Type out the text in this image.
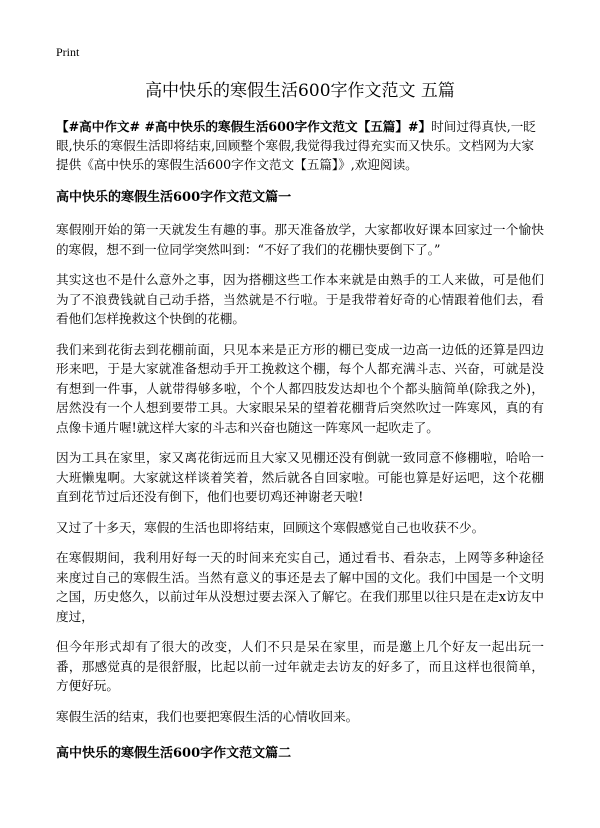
Print
高中快乐的寒假生活600字作文范文 五篇

【#高中作文# #高中快乐的寒假生活600字作文范文【五篇】#】时间过得真快,一眨眼,快乐的寒假生活即将结束,回顾整个寒假,我觉得我过得充实而又快乐。文档网为大家提供《高中快乐的寒假生活600字作文范文【五篇】》,欢迎阅读。

高中快乐的寒假生活600字作文范文篇一

寒假刚开始的第一天就发生有趣的事。那天准备放学，大家都收好课本回家过一个愉快的寒假，想不到一位同学突然叫到：“不好了我们的花棚快要倒下了。”

其实这也不是什么意外之事，因为搭棚这些工作本来就是由熟手的工人来做，可是他们为了不浪费钱就自己动手搭，当然就是不行啦。于是我带着好奇的心情跟着他们去，看看他们怎样挽救这个快倒的花棚。

我们来到花街去到花棚前面，只见本来是正方形的棚已变成一边高一边低的还算是四边形来吧，于是大家就准备想动手开工挽救这个棚，每个人都充满斗志、兴奋，可就是没有想到一件事，人就带得够多啦，个个人都四肢发达却也个个都头脑简单(除我之外)，居然没有一个人想到要带工具。大家眼呆呆的望着花棚背后突然吹过一阵寒风，真的有点像卡通片喔!就这样大家的斗志和兴奋也随这一阵寒风一起吹走了。

因为工具在家里，家又离花街远而且大家又见棚还没有倒就一致同意不修棚啦，哈哈一大班懒鬼啊。大家就这样谈着笑着，然后就各自回家啦。可能也算是好运吧，这个花棚直到花节过后还没有倒下，他们也要切鸡还神谢老天啦!

又过了十多天，寒假的生活也即将结束，回顾这个寒假感觉自己也收获不少。

在寒假期间，我利用好每一天的时间来充实自己，通过看书、看杂志，上网等多种途径来度过自己的寒假生活。当然有意义的事还是去了解中国的文化。我们中国是一个文明之国，历史悠久，以前过年从没想过要去深入了解它。在我们那里以往只是在走x访友中度过，

但今年形式却有了很大的改变，人们不只是呆在家里，而是邀上几个好友一起出玩一番，那感觉真的是很舒服，比起以前一过年就走去访友的好多了，而且这样也很简单，方便好玩。

寒假生活的结束，我们也要把寒假生活的心情收回来。

高中快乐的寒假生活600字作文范文篇二
